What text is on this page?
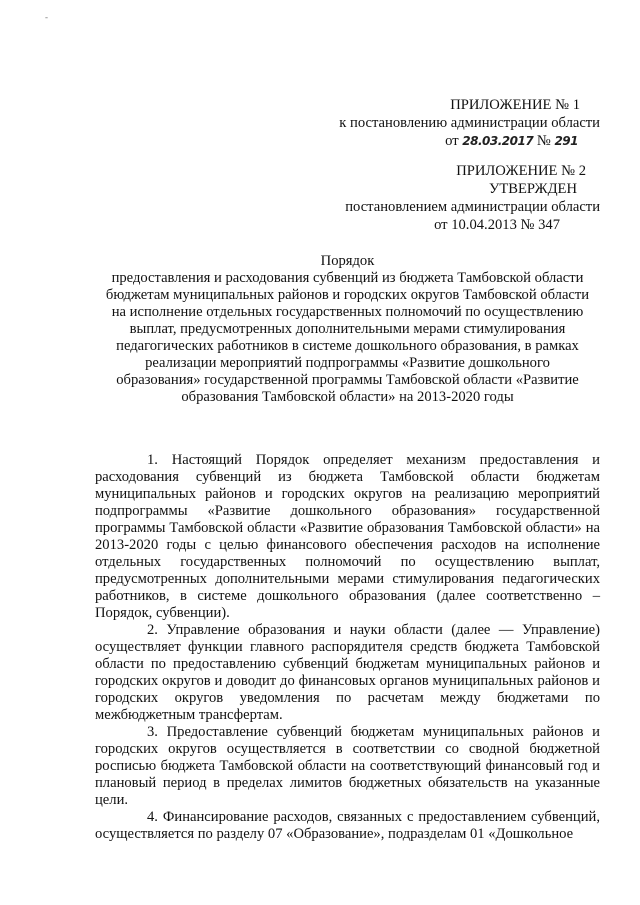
-
ПРИЛОЖЕНИЕ № 1
к постановлению администрации области
от 28.03.2017 № 291
ПРИЛОЖЕНИЕ № 2
УТВЕРЖДЕН
постановлением администрации области
от 10.04.2013 № 347
Порядок
предоставления и расходования субвенций из бюджета Тамбовской области
бюджетам муниципальных районов и городских округов Тамбовской области
на исполнение отдельных государственных полномочий по осуществлению
выплат, предусмотренных дополнительными мерами стимулирования
педагогических работников в системе дошкольного образования, в рамках
реализации мероприятий подпрограммы «Развитие дошкольного
образования» государственной программы Тамбовской области «Развитие
образования Тамбовской области» на 2013-2020 годы

1. Настоящий Порядок определяет механизм предоставления и расходования субвенций из бюджета Тамбовской области бюджетам муниципальных районов и городских округов на реализацию мероприятий подпрограммы «Развитие дошкольного образования» государственной программы Тамбовской области «Развитие образования Тамбовской области» на 2013-2020 годы с целью финансового обеспечения расходов на исполнение отдельных государственных полномочий по осуществлению выплат, предусмотренных дополнительными мерами стимулирования педагогических работников, в системе дошкольного образования (далее соответственно – Порядок, субвенции).

2. Управление образования и науки области (далее — Управление) осуществляет функции главного распорядителя средств бюджета Тамбовской области по предоставлению субвенций бюджетам муниципальных районов и городских округов и доводит до финансовых органов муниципальных районов и городских округов уведомления по расчетам между бюджетами по межбюджетным трансфертам.

3. Предоставление субвенций бюджетам муниципальных районов и городских округов осуществляется в соответствии со сводной бюджетной росписью бюджета Тамбовской области на соответствующий финансовый год и плановый период в пределах лимитов бюджетных обязательств на указанные цели.

4. Финансирование расходов, связанных с предоставлением субвенций, осуществляется по разделу 07 «Образование», подразделам 01 «Дошкольное
